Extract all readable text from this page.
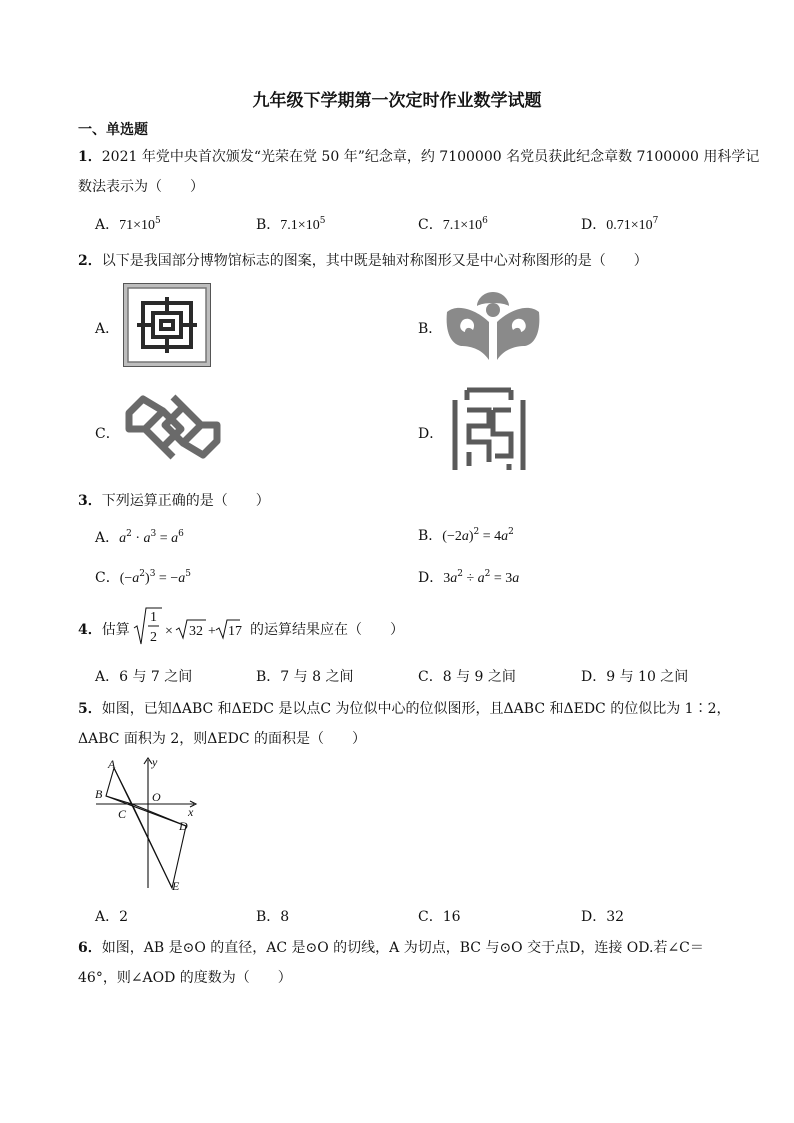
九年级下学期第一次定时作业数学试题
一、单选题
1．2021 年党中央首次颁发“光荣在党 50 年”纪念章，约 7100000 名党员获此纪念章数 7100000 用科学记
数法表示为（　　）
A．$71\times 10^5$	B．$7.1\times 10^5$	C．$7.1\times 10^6$	D．$0.71\times 10^7$
2．以下是我国部分博物馆标志的图案，其中既是轴对称图形又是中心对称图形的是（　　）
A．	B．
C．	D．
3．下列运算正确的是（　　）
A．$a^2 \cdot a^3 = a^6$	B．$(-2a)^2 = 4a^2$
C．$(-a^2)^3 = -a^5$	D．$3a^2 \div a^2 = 3a$
4．估算
1
2 × 32 + 17 的运算结果应在（　　）
A．6 与 7 之间	B．7 与 8 之间	C．8 与 9 之间	D．9 与 10 之间
5．如图，已知ΔABC 和ΔEDC 是以点C 为位似中心的位似图形，且ΔABC 和ΔEDC 的位似比为 1∶2，
ΔABC 面积为 2，则ΔEDC 的面积是（　　）
A
B
C
D
E
O
x
y
A．2	B．8	C．16	D．32
6．如图，AB 是⊙O 的直径，AC 是⊙O 的切线，A 为切点，BC 与⊙O 交于点D，连接 OD.若∠C＝
46°，则∠AOD 的度数为（　　）
